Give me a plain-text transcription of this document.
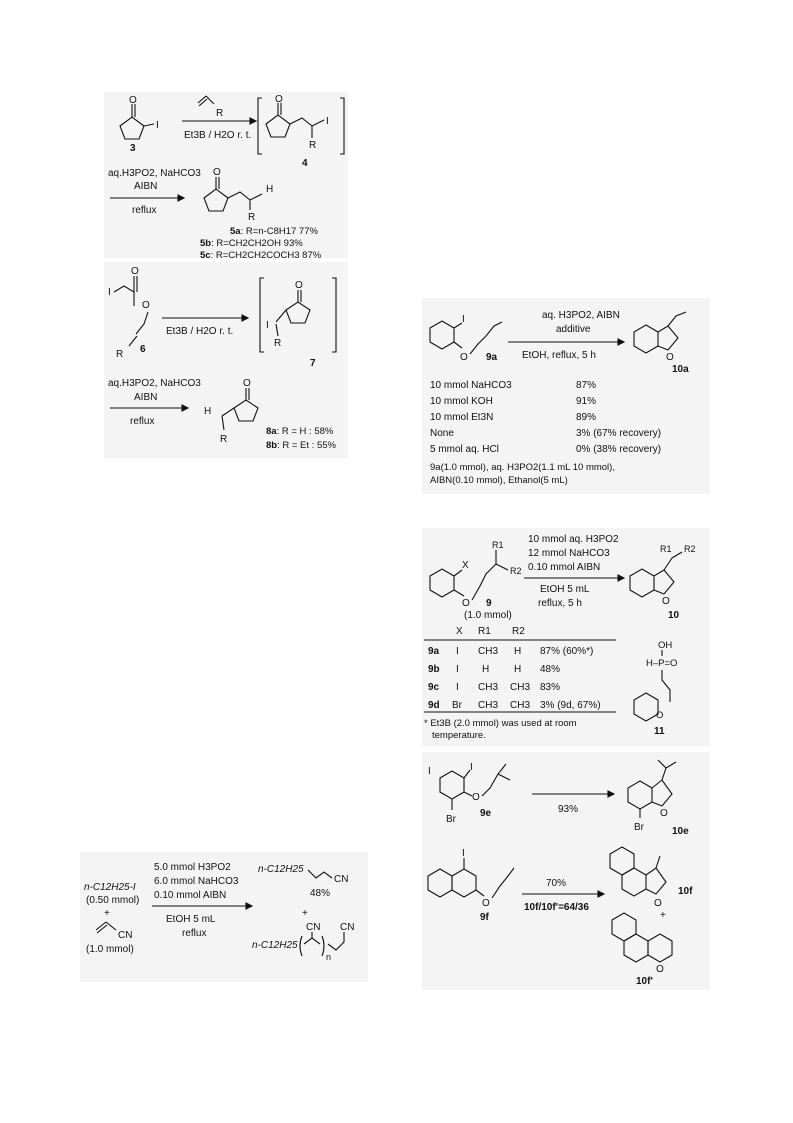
O
I
3
R
Et3B / H2O r. t.
O
I
R
4
aq.H3PO2, NaHCO3
AIBN
reflux
O
H
R
5a: R=n-C8H17 77%
5b: R=CH2CH2OH 93%
5c: R=CH2CH2COCH3 87%
I
O
O
R 6
Et3B / H2O r. t.
O
I
R
7
aq.H3PO2, NaHCO3
AIBN
reflux
O
H
R
8a: R = H : 58%
8b: R = Et : 55%
I
O 9a
aq. H3PO2, AIBN
additive
EtOH, reflux, 5 h	O
10a
10 mmol NaHCO3	87%
10 mmol KOH	91%
10 mmol Et3N	89%
None	3% (67% recovery)
5 mmol aq. HCl	0% (38% recovery)
9a(1.0 mmol), aq. H3PO2(1.1 mL 10 mmol),
AIBN(0.10 mmol), Ethanol(5 mL)
X
O
R1
R2
9
(1.0 mmol)
10 mmol aq. H3PO2
12 mmol NaHCO3
0.10 mmol AIBN
EtOH 5 mL
reflux, 5 h	O
R1 R2
10
X R1 R2
9a I CH3 H 87% (60%*)
9b I H H 48%
9c I CH3 CH3 83%
9d Br CH3 CH3 3% (9d, 67%)
* Et3B (2.0 mmol) was used at room
temperature.
OH
H–P=O
O
11
I	I
Br
O
9e	93%	O
Br	10e
I
O
9f
70%
10f/10f'=64/36	O
10f
+
O
10f'
n-C12H25-I
(0.50 mmol)
+
CN
(1.0 mmol)
5.0 mmol H3PO2
6.0 mmol NaHCO3
0.10 mmol AIBN
EtOH 5 mL
reflux
n-C12H25
CN
48%
+
n-C12H25
CN
n
CN
